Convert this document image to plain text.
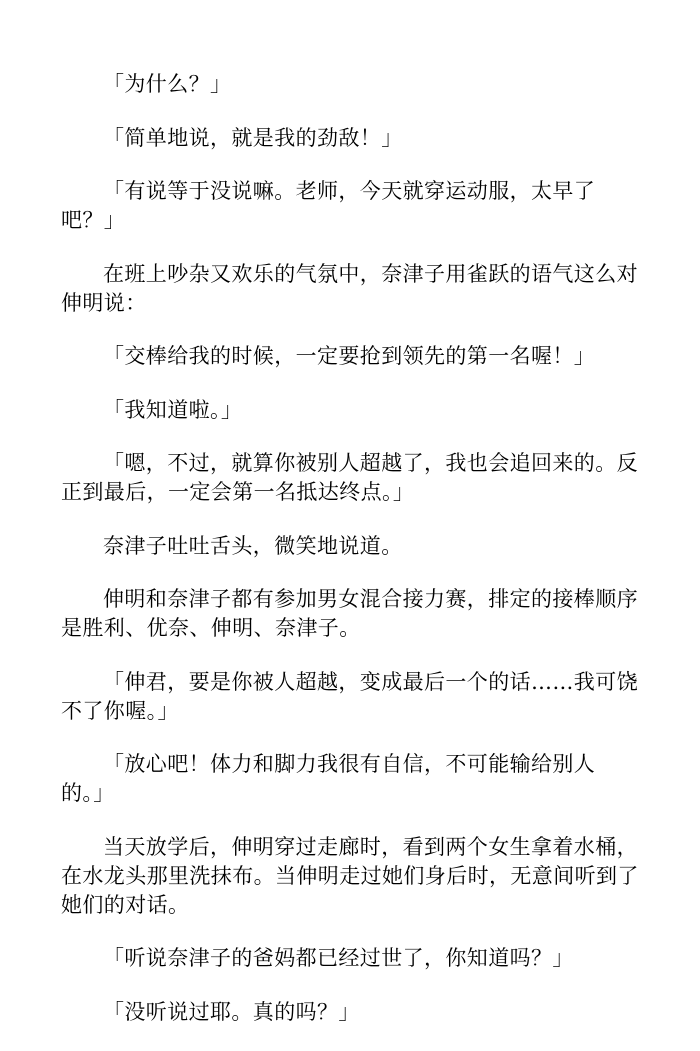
「为什么？」

「简单地说，就是我的劲敌！」

「有说等于没说嘛。老师，今天就穿运动服，太早了
吧？」

在班上吵杂又欢乐的气氛中，奈津子用雀跃的语气这么对伸明说：

「交棒给我的时候，一定要抢到领先的第一名喔！」

「我知道啦。」

「嗯，不过，就算你被别人超越了，我也会追回来的。反正到最后，一定会第一名抵达终点。」

奈津子吐吐舌头，微笑地说道。

伸明和奈津子都有参加男女混合接力赛，排定的接棒顺序是胜利、优奈、伸明、奈津子。

「伸君，要是你被人超越，变成最后一个的话……我可饶不了你喔。」

「放心吧！体力和脚力我很有自信，不可能输给别人
的。」

当天放学后，伸明穿过走廊时，看到两个女生拿着水桶，在水龙头那里洗抹布。当伸明走过她们身后时，无意间听到了她们的对话。

「听说奈津子的爸妈都已经过世了，你知道吗？」

「没听说过耶。真的吗？」
